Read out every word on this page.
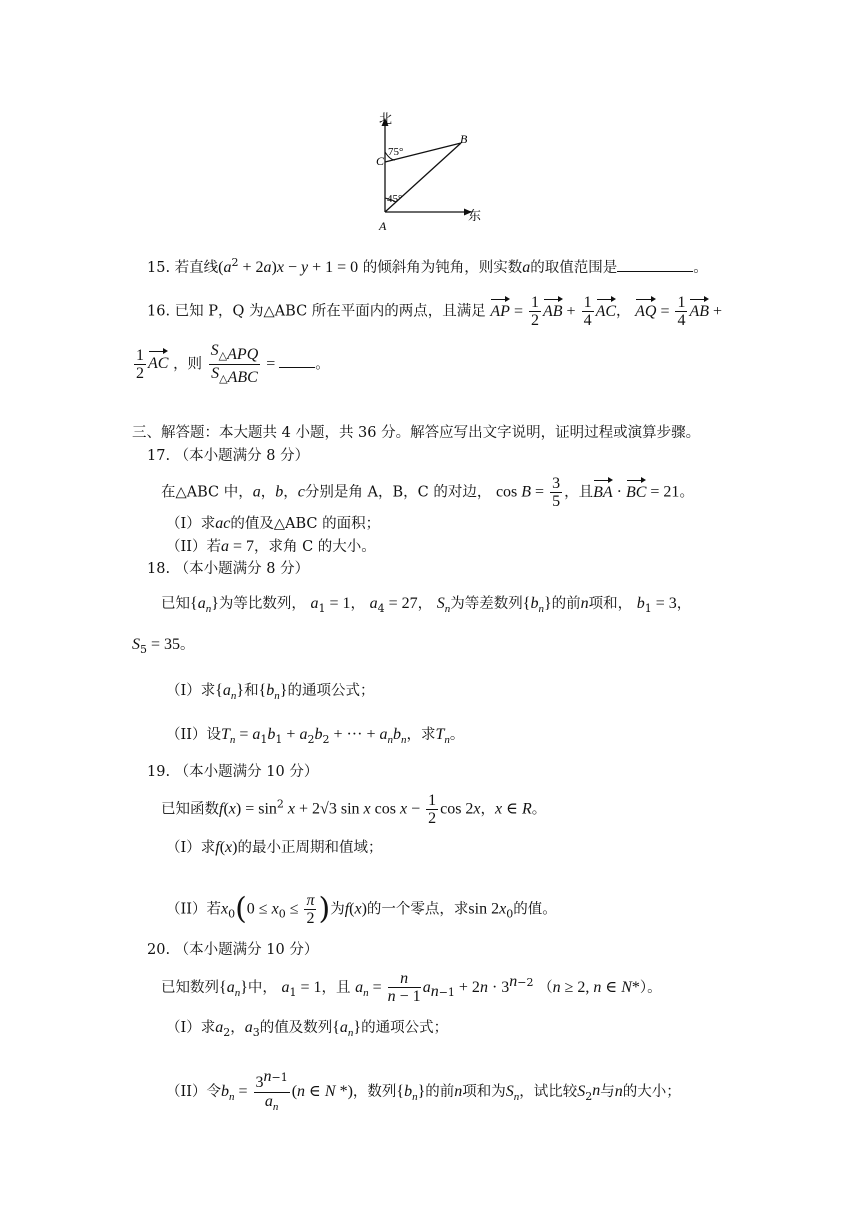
北
东
C
B
A
75°
45°
15. 若直线$(a^2 + 2a)x - y + 1 = 0$ 的倾斜角为钝角，则实数a的取值范围是	。
16. 已知 P，Q 为△ABC 所在平面内的两点，且满足 AP = $\frac{1}{2}$ AB + $\frac{1}{4}$ AC， AQ = $\frac{1}{4}$ AB +
$\frac{1}{2}$ AC ，则 $\frac{S_{\triangle APQ}}{S_{\triangle ABC}}$ = 。
三、解答题：本大题共 4 小题，共 36 分。解答应写出文字说明，证明过程或演算步骤。
17. （本小题满分 8 分）
在△ABC 中，a，b，c分别是角 A，B，C 的对边， $\cos B = \frac{3}{5}$ ，且BA · BC = 21。
（I）求ac的值及△ABC 的面积；
（II）若a = 7，求角 C 的大小。
18. （本小题满分 8 分）
已知$\{a_n\}$为等比数列， $a_1 = 1$， $a_4 = 27$， $S_n$为等差数列$\{b_n\}$的前n项和， $b_1 = 3$，
$S_5 = 35$。
（I）求$\{a_n\}$和$\{b_n\}$的通项公式；
（II）设$T_n = a_1b_1 + a_2b_2$ + ··· + $a_nb_n$，求$T_n$。
19. （本小题满分 10 分）
已知函数$f(x) = \sin^2 x + 2√3$ sin x $\cos x - \frac{1}{2}$ cos 2x，x ∈ R。
（I）求f(x)的最小正周期和值域；
（II）若$x_0(0 \le x_0 \le \frac{\pi}{2}$ )为f(x)的一个零点，求$\sin 2x_0$的值。
20. （本小题满分 10 分）
已知数列$\{a_n\}$中， $a_1 = 1$，且 $a_n = \frac{n}{n - 1} a_{n-1} + 2n \cdot 3^{n-2}$ （n ≥ 2, n ∈ N*）。
（I）求$a_2$，$a_3$的值及数列$\{a_n\}$的通项公式；
（II）令$b_n = \frac{3^{n-1}}{a_n} (n$ ∈ N *)，数列$\{b_n\}$的前n项和为$S_n$，试比较$S_{2^n}$与n的大小；
